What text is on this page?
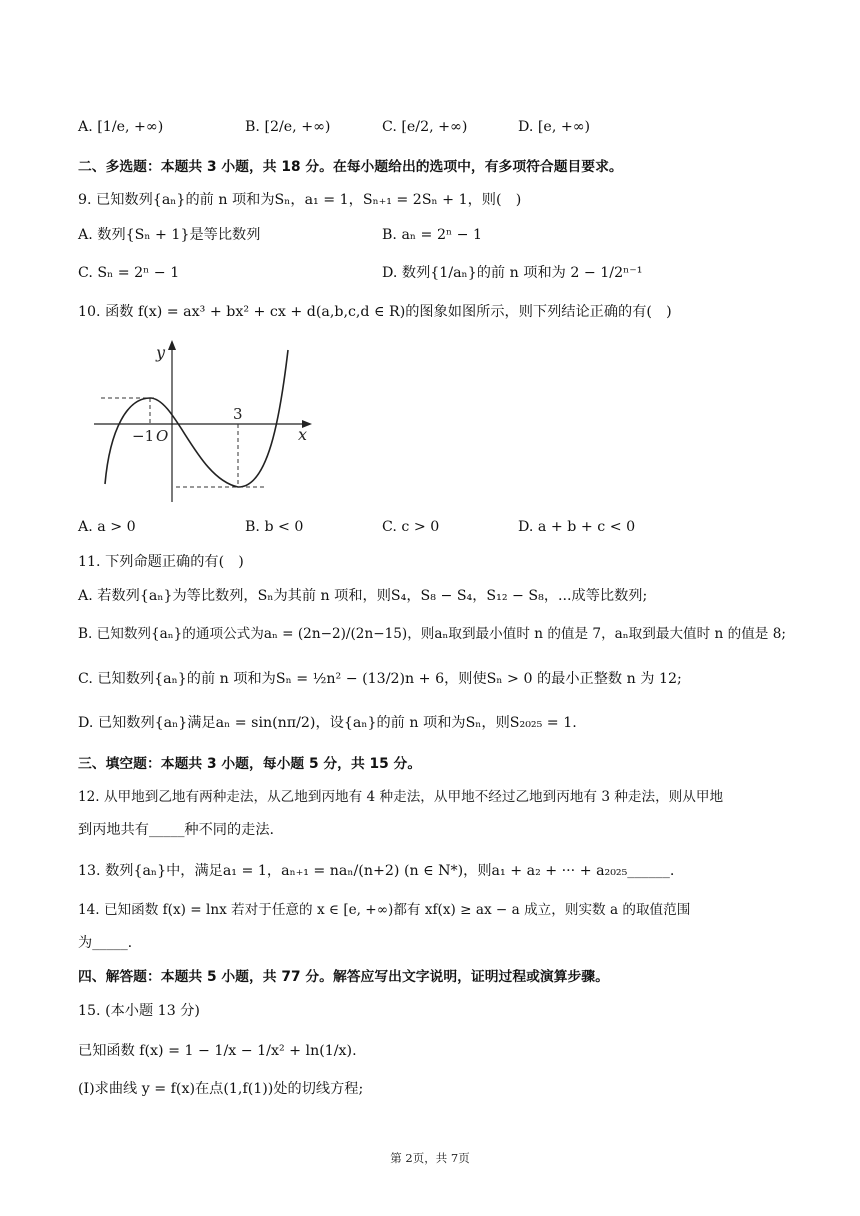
A. [1/e, +∞)	B. [2/e, +∞)	C. [e/2, +∞)	D. [e, +∞)
二、多选题：本题共 3 小题，共 18 分。在每小题给出的选项中，有多项符合题目要求。
9. 已知数列{aₙ}的前 n 项和为Sₙ，a₁ = 1，Sₙ₊₁ = 2Sₙ + 1，则(　)
A. 数列{Sₙ + 1}是等比数列	B. aₙ = 2ⁿ − 1
C. Sₙ = 2ⁿ − 1	D. 数列{1/aₙ}的前 n 项和为 2 − 1/2ⁿ⁻¹
10. 函数 f(x) = ax³ + bx² + cx + d(a,b,c,d ∈ R)的图象如图所示，则下列结论正确的有(　)
y
x
O
−1
3
A. a > 0	B. b < 0	C. c > 0	D. a + b + c < 0
11. 下列命题正确的有(　)
A. 若数列{aₙ}为等比数列，Sₙ为其前 n 项和，则S₄，S₈ − S₄，S₁₂ − S₈，...成等比数列;
B. 已知数列{aₙ}的通项公式为aₙ = (2n−2)/(2n−15)，则aₙ取到最小值时 n 的值是 7，aₙ取到最大值时 n 的值是 8;
C. 已知数列{aₙ}的前 n 项和为Sₙ = ½n² − (13/2)n + 6，则使Sₙ > 0 的最小正整数 n 为 12;
D. 已知数列{aₙ}满足aₙ = sin(nπ/2)，设{aₙ}的前 n 项和为Sₙ，则S₂₀₂₅ = 1.
三、填空题：本题共 3 小题，每小题 5 分，共 15 分。
12. 从甲地到乙地有两种走法，从乙地到丙地有 4 种走法，从甲地不经过乙地到丙地有 3 种走法，则从甲地
到丙地共有_____种不同的走法.
13. 数列{aₙ}中，满足a₁ = 1，aₙ₊₁ = naₙ/(n+2) (n ∈ N*)，则a₁ + a₂ + ··· + a₂₀₂₅______.
14. 已知函数 f(x) = lnx 若对于任意的 x ∈ [e, +∞)都有 xf(x) ≥ ax − a 成立，则实数 a 的取值范围
为_____.
四、解答题：本题共 5 小题，共 77 分。解答应写出文字说明，证明过程或演算步骤。
15. (本小题 13 分)
已知函数 f(x) = 1 − 1/x − 1/x² + ln(1/x).
(Ⅰ)求曲线 y = f(x)在点(1,f(1))处的切线方程;
第 2页，共 7页
